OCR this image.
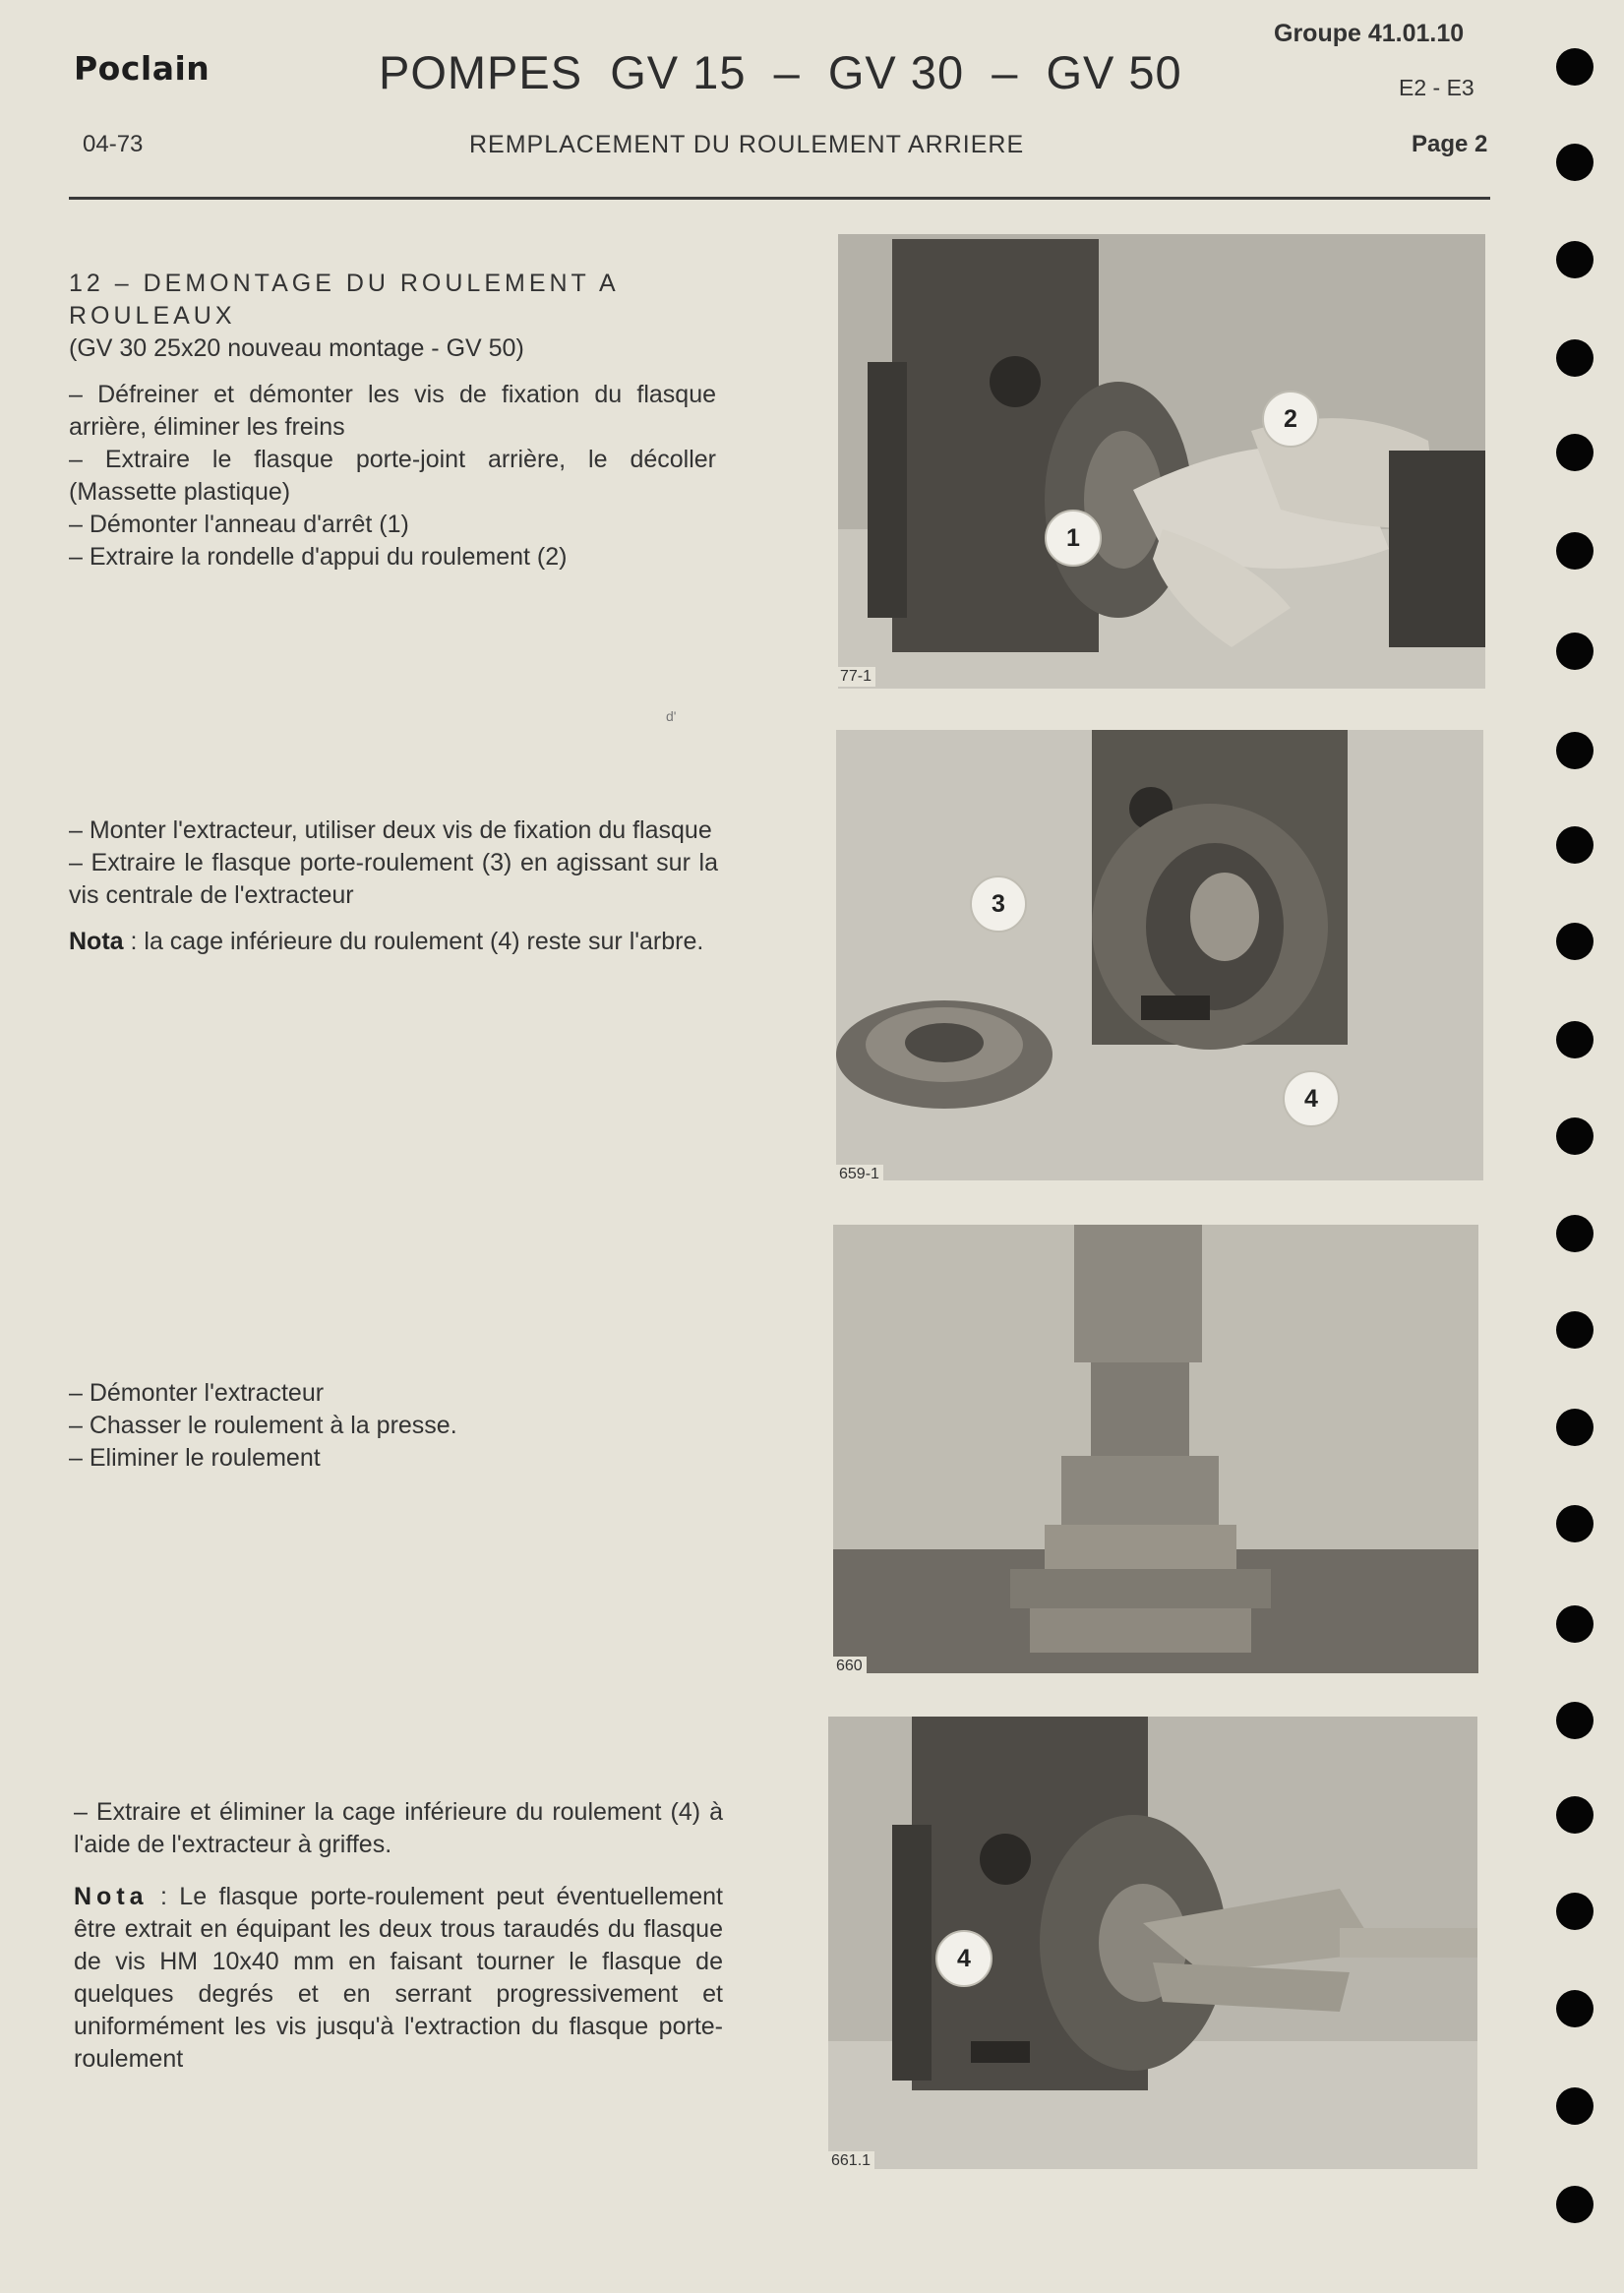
Poclain	POMPES  GV 15  –  GV 30  –  GV 50
Groupe 41.01.10
E2 - E3
04-73	REMPLACEMENT DU ROULEMENT ARRIERE	Page 2

12 – DEMONTAGE DU ROULEMENT A

ROULEAUX

(GV 30 25x20 nouveau montage - GV 50)

– Défreiner et démonter les vis de fixation du flasque arrière, éliminer les freins

– Extraire le flasque porte-joint arrière, le décoller (Massette plastique)

– Démonter l'anneau d'arrêt (1)

– Extraire la rondelle d'appui du roulement (2)

– Monter l'extracteur, utiliser deux vis de fixation du flasque

– Extraire le flasque porte-roulement (3) en agissant sur la vis centrale de l'extracteur

Nota : la cage inférieure du roulement (4) reste sur l'arbre.

– Démonter l'extracteur

– Chasser le roulement à la presse.

– Eliminer le roulement

– Extraire et éliminer la cage inférieure du roulement (4) à l'aide de l'extracteur à griffes.

Nota : Le flasque porte-roulement peut éventuellement être extrait en équipant les deux trous taraudés du flasque de vis HM 10x40 mm en faisant tourner le flasque de quelques degrés et en serrant progressivement et uniformément les vis jusqu'à l'extraction du flasque porte-roulement

2
1
77-1
d'
3
4
659-1
660
4
661.1
